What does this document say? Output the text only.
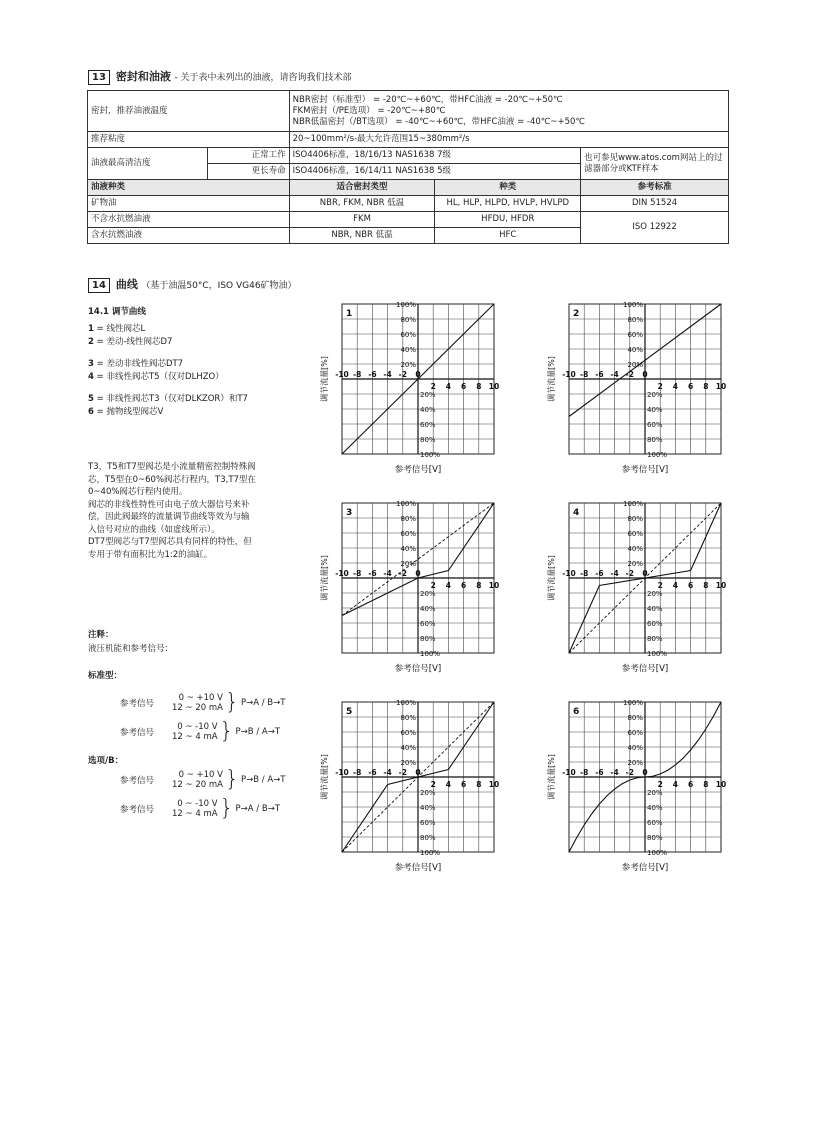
13 密封和油液 - 关于表中未列出的油液，请咨询我们技术部
密封，推荐油液温度		NBR密封（标准型） = -20℃~+60℃，带HFC油液 = -20℃~+50℃
FKM密封（/PE选项） = -20℃~+80℃
NBR低温密封（/BT选项） = -40℃~+60℃，带HFC油液 = -40℃~+50℃		

推荐粘度		20~100mm²/s-最大允许范围15~380mm²/s		
油液最高清洁度	正常工作	ISO4406标准，18/16/13 NAS1638 7级		也可参见www.atos.com网站上的过滤器部分或KTF样本
	更长寿命	ISO4406标准，16/14/11 NAS1638 5级		
油液种类		适合密封类型	种类	参考标准
矿物油		NBR, FKM, NBR 低温	HL, HLP, HLPD, HVLP, HVLPD	DIN 51524
不含水抗燃油液		FKM	HFDU, HFDR	ISO 12922
含水抗燃油液		NBR, NBR 低温	HFC	
14 曲线 （基于油温50°C，ISO VG46矿物油）
14.1 调节曲线
1 = 线性阀芯L
2 = 差动-线性阀芯D7
3 = 差动非线性阀芯DT7
4 = 非线性阀芯T5（仅对DLHZO）
5 = 非线性阀芯T3（仅对DLKZOR）和T7
6 = 抛物线型阀芯V
T3，T5和T7型阀芯是小流量精密控制特殊阀
芯，T5型在0~60%阀芯行程内，T3,T7型在
0~40%阀芯行程内使用。
阀芯的非线性特性可由电子放大器信号来补
偿，因此阀最终的流量调节曲线等效为与输
入信号对应的曲线（如虚线所示）。
DT7型阀芯与T7型阀芯具有同样的特性，但
专用于带有面积比为1:2的油缸。
注释：
液压机能和参考信号：
标准型：
参考信号
0 ~ +10 V
12 ~ 20 mA } P→A / B→T
参考信号
0 ~ -10 V
12 ~ 4 mA } P→B / A→T
选项/B：
参考信号
0 ~ +10 V
12 ~ 20 mA } P→B / A→T
参考信号
0 ~ -10 V
12 ~ 4 mA } P→A / B→T
1
-10 -8 -6 -4 -2 0
2 4 6 8 10
100%
80%
60%
40%
20%
20%
40%
60%
80%
100%
调节流量[%]
参考信号[V]
2
-10 -8 -6 -4 -2 0
2 4 6 8 10
100%
80%
60%
40%
20%
20%
40%
60%
80%
100%
调节流量[%]
参考信号[V]
3
-10 -8 -6 -4 -2 0
2 4 6 8 10
100%
80%
60%
40%
20%
20%
40%
60%
80%
100%
调节流量[%]
参考信号[V]
4
-10 -8 -6 -4 -2 0
2 4 6 8 10
100%
80%
60%
40%
20%
20%
40%
60%
80%
100%
调节流量[%]
参考信号[V]
5
-10 -8 -6 -4 -2 0
2 4 6 8 10
100%
80%
60%
40%
20%
20%
40%
60%
80%
100%
调节流量[%]
参考信号[V]
6
-10 -8 -6 -4 -2 0
2 4 6 8 10
100%
80%
60%
40%
20%
20%
40%
60%
80%
100%
调节流量[%]
参考信号[V]
